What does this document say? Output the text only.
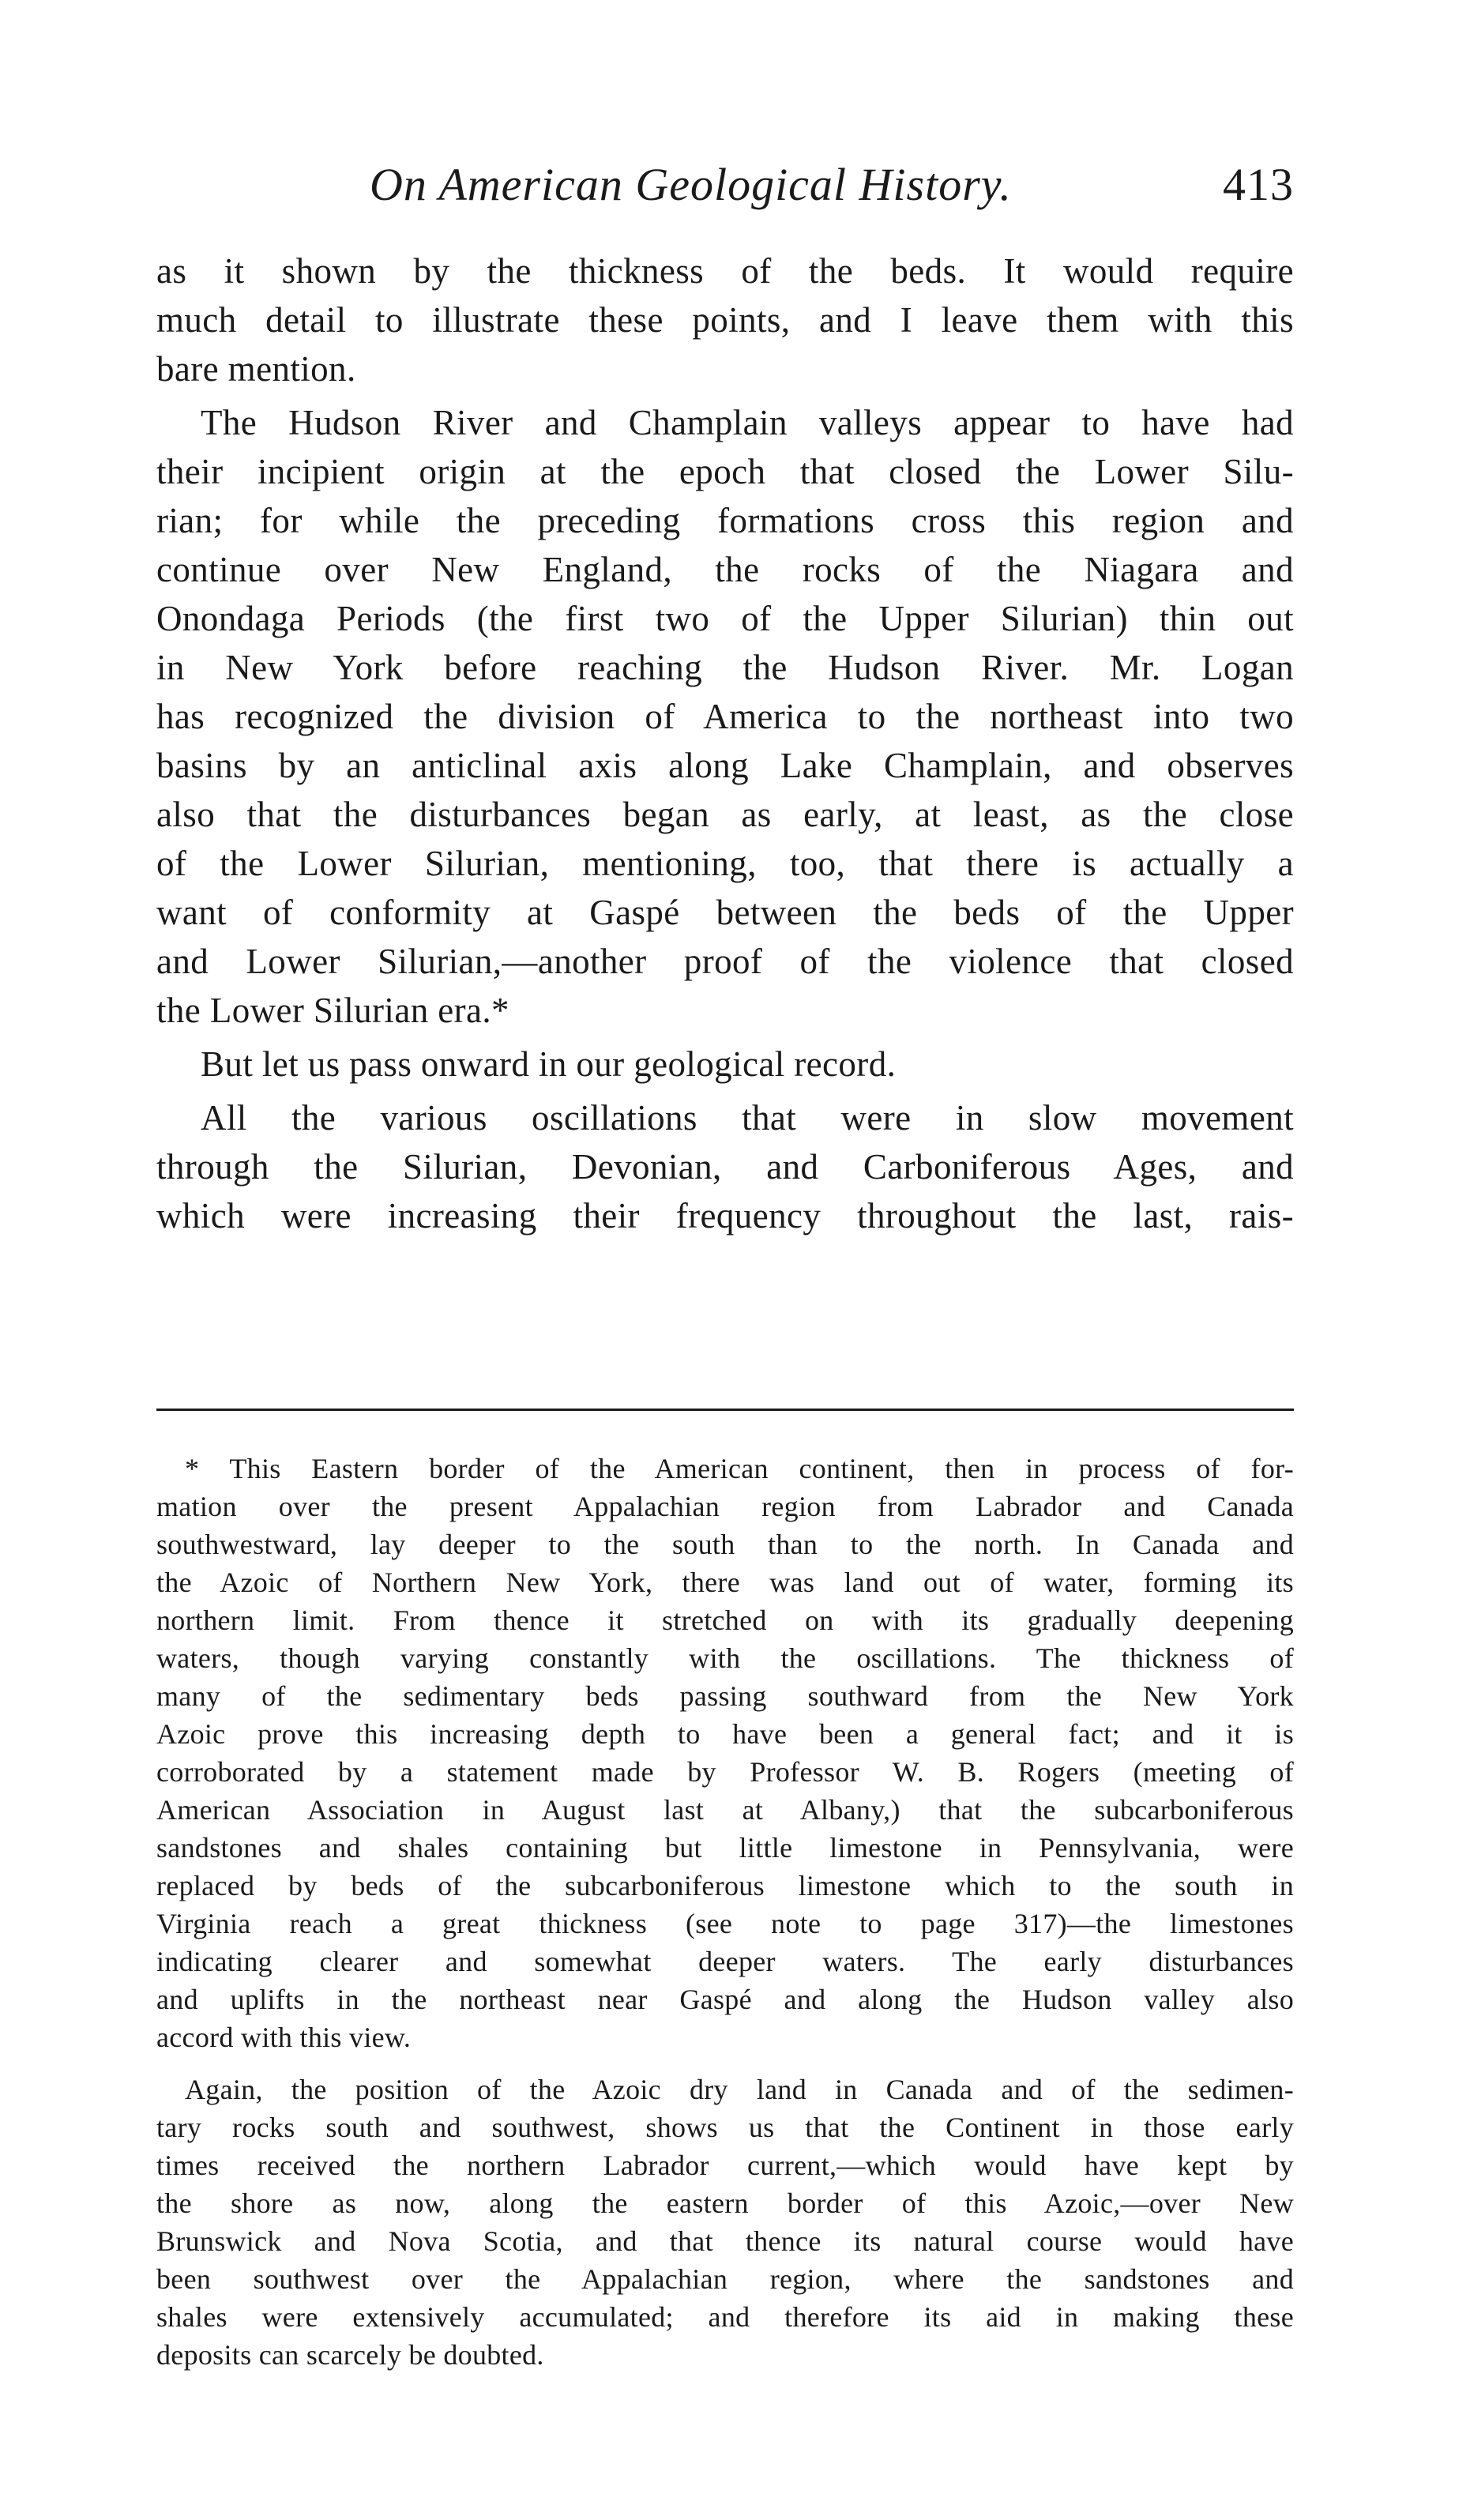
On American Geological History.	413
as it shown by the thickness of the beds. It would require
much detail to illustrate these points, and I leave them with this
bare mention.
The Hudson River and Champlain valleys appear to have had
their incipient origin at the epoch that closed the Lower Silu-
rian; for while the preceding formations cross this region and
continue over New England, the rocks of the Niagara and
Onondaga Periods (the first two of the Upper Silurian) thin out
in New York before reaching the Hudson River. Mr. Logan
has recognized the division of America to the northeast into two
basins by an anticlinal axis along Lake Champlain, and observes
also that the disturbances began as early, at least, as the close
of the Lower Silurian, mentioning, too, that there is actually a
want of conformity at Gaspé between the beds of the Upper
and Lower Silurian,—another proof of the violence that closed
the Lower Silurian era.*
But let us pass onward in our geological record.
All the various oscillations that were in slow movement
through the Silurian, Devonian, and Carboniferous Ages, and
which were increasing their frequency throughout the last, rais-
* This Eastern border of the American continent, then in process of for-
mation over the present Appalachian region from Labrador and Canada
southwestward, lay deeper to the south than to the north. In Canada and
the Azoic of Northern New York, there was land out of water, forming its
northern limit. From thence it stretched on with its gradually deepening
waters, though varying constantly with the oscillations. The thickness of
many of the sedimentary beds passing southward from the New York
Azoic prove this increasing depth to have been a general fact; and it is
corroborated by a statement made by Professor W. B. Rogers (meeting of
American Association in August last at Albany,) that the subcarboniferous
sandstones and shales containing but little limestone in Pennsylvania, were
replaced by beds of the subcarboniferous limestone which to the south in
Virginia reach a great thickness (see note to page 317)—the limestones
indicating clearer and somewhat deeper waters. The early disturbances
and uplifts in the northeast near Gaspé and along the Hudson valley also
accord with this view.
Again, the position of the Azoic dry land in Canada and of the sedimen-
tary rocks south and southwest, shows us that the Continent in those early
times received the northern Labrador current,—which would have kept by
the shore as now, along the eastern border of this Azoic,—over New
Brunswick and Nova Scotia, and that thence its natural course would have
been southwest over the Appalachian region, where the sandstones and
shales were extensively accumulated; and therefore its aid in making these
deposits can scarcely be doubted.
